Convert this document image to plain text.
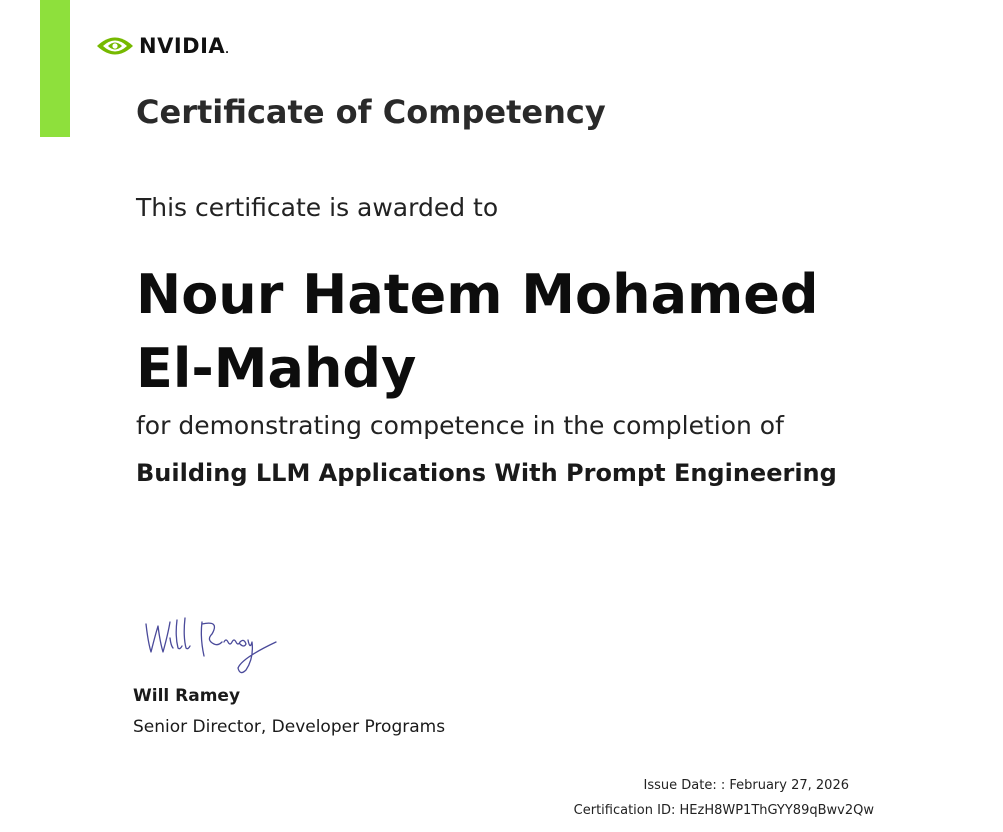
NVIDIA.
Certificate of Competency

This certificate is awarded to

Nour Hatem Mohamed El-Mahdy

for demonstrating competence in the completion of

Building LLM Applications With Prompt Engineering

Will Ramey

Senior Director, Developer Programs

Issue Date: : February 27, 2026

Certification ID: HEzH8WP1ThGYY89qBwv2Qw
